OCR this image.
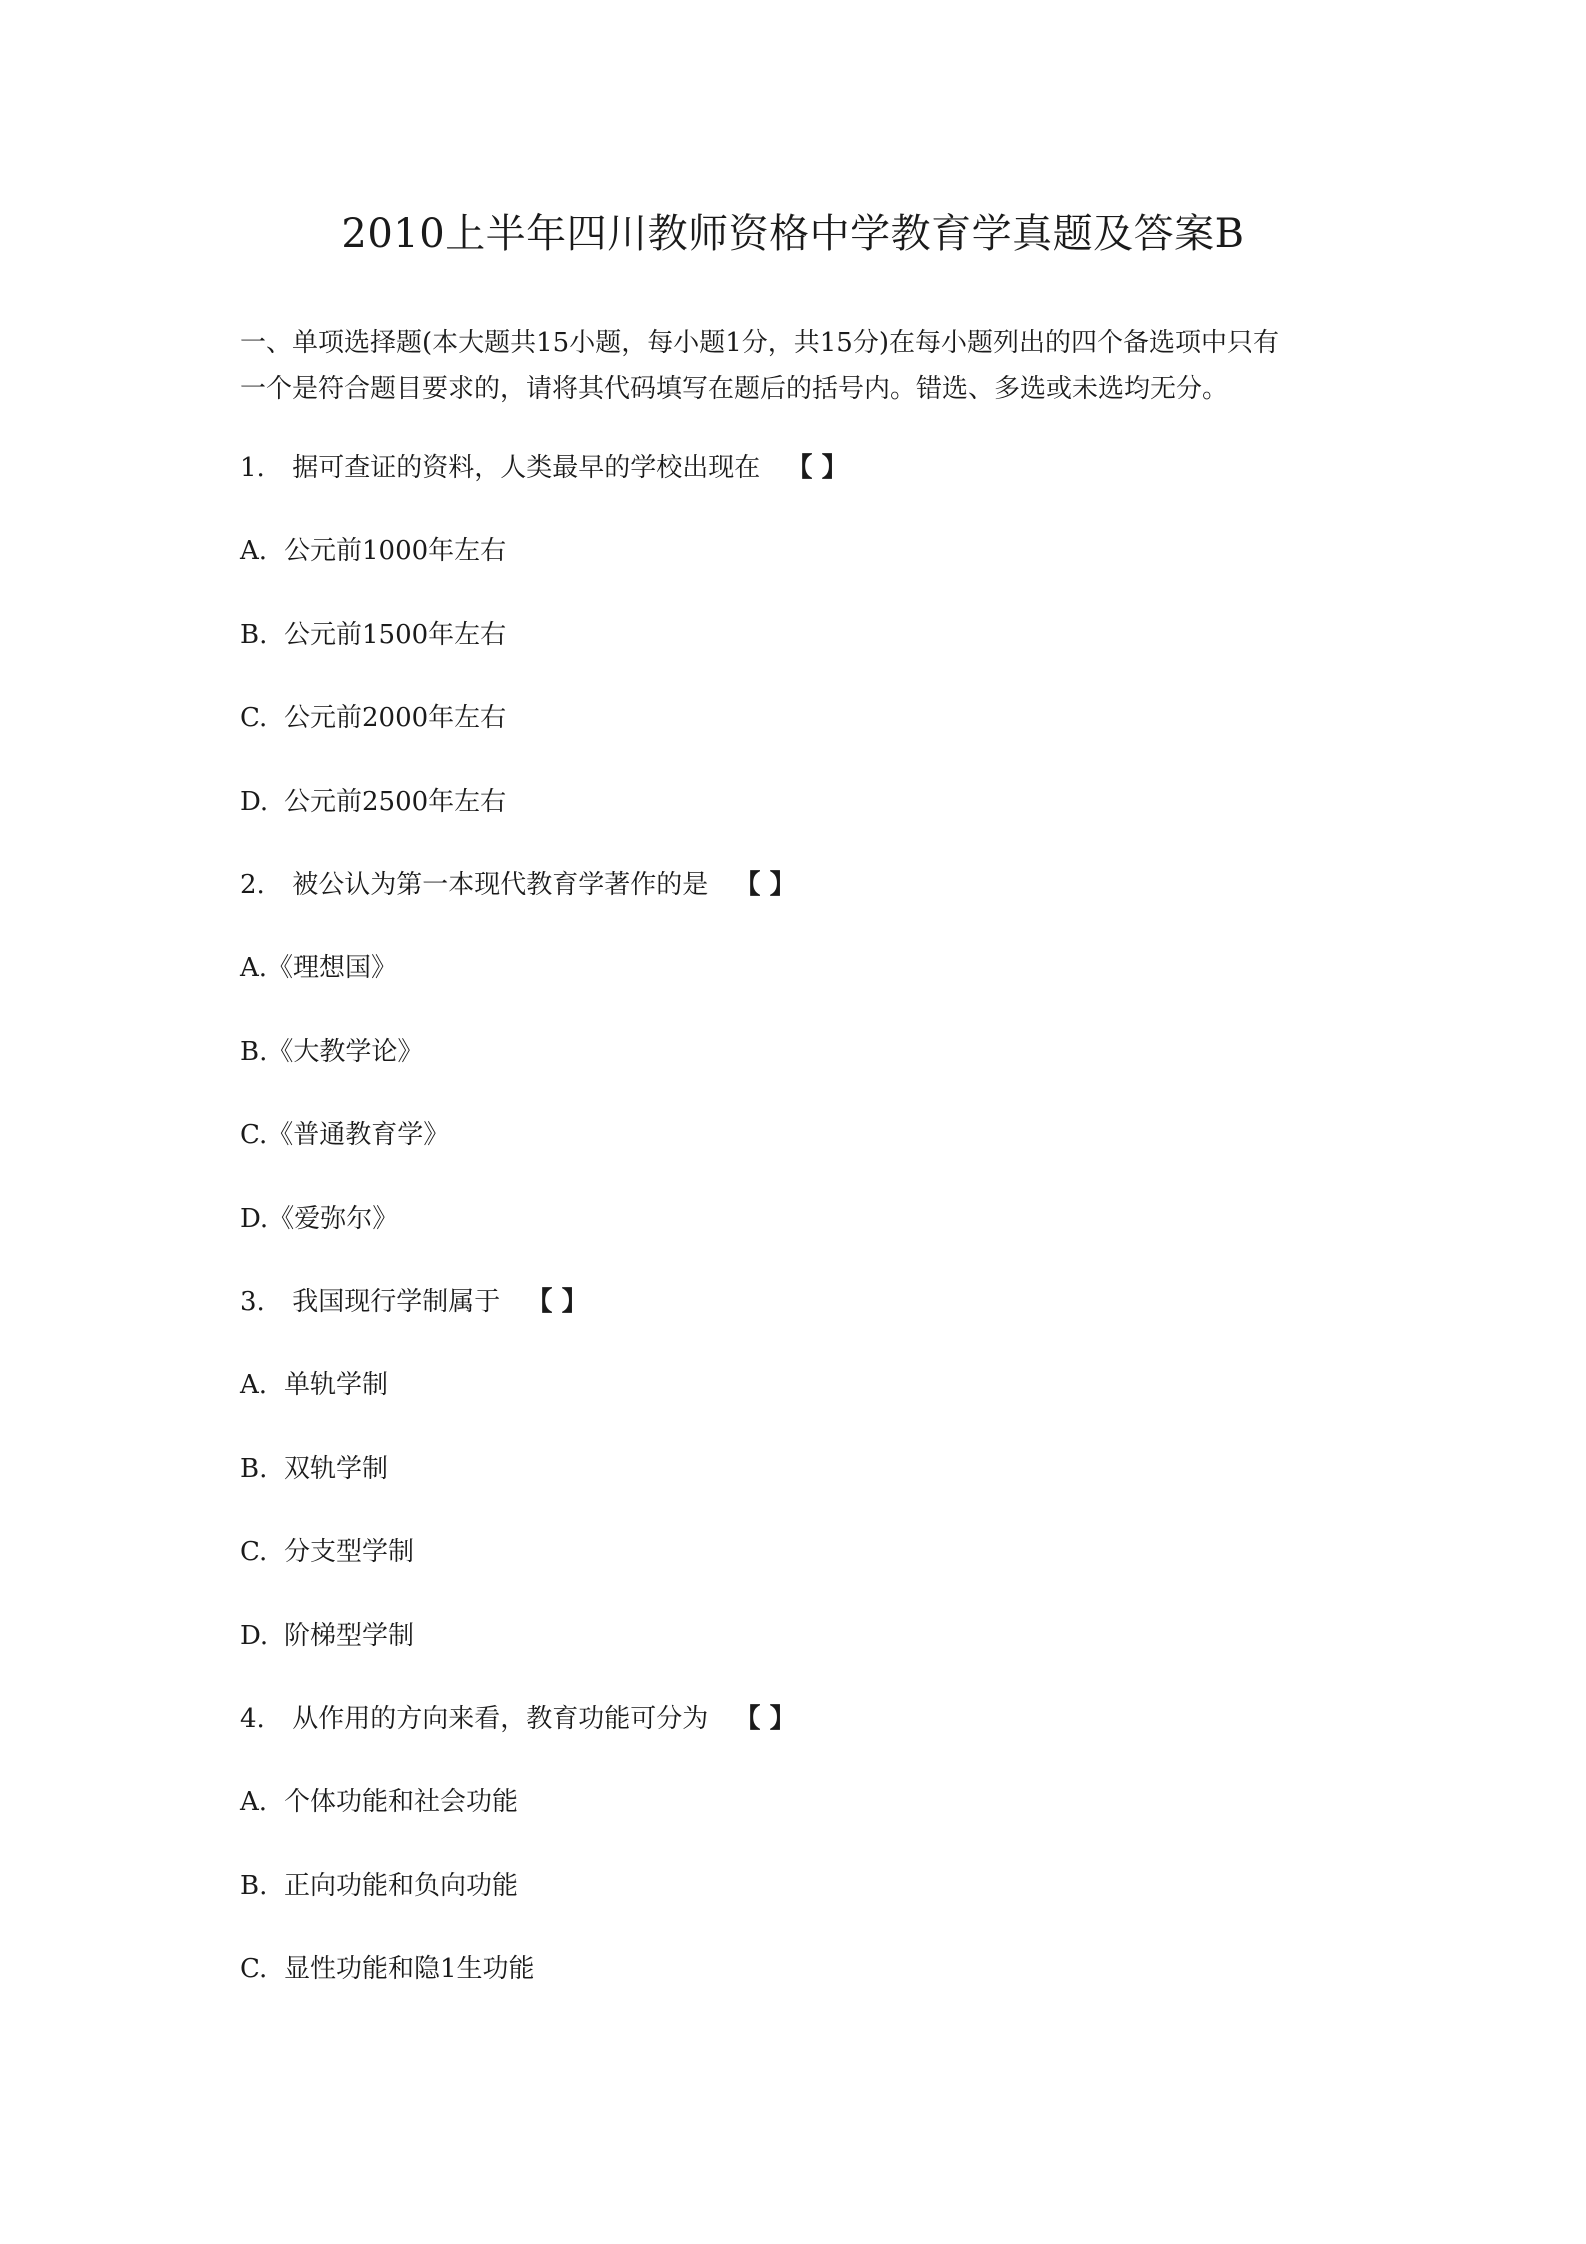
2010上半年四川教师资格中学教育学真题及答案B

一、单项选择题(本大题共15小题，每小题1分，共15分)在每小题列出的四个备选项中只有

一个是符合题目要求的，请将其代码填写在题后的括号内。错选、多选或未选均无分。

1. 据可查证的资料，人类最早的学校出现在 【 】
A. 公元前1000年左右
B. 公元前1500年左右
C. 公元前2000年左右
D. 公元前2500年左右
2. 被公认为第一本现代教育学著作的是 【 】
A.《理想国》
B.《大教学论》
C.《普通教育学》
D.《爱弥尔》
3. 我国现行学制属于 【 】
A. 单轨学制
B. 双轨学制
C. 分支型学制
D. 阶梯型学制
4. 从作用的方向来看，教育功能可分为 【 】
A. 个体功能和社会功能
B. 正向功能和负向功能
C. 显性功能和隐1生功能
